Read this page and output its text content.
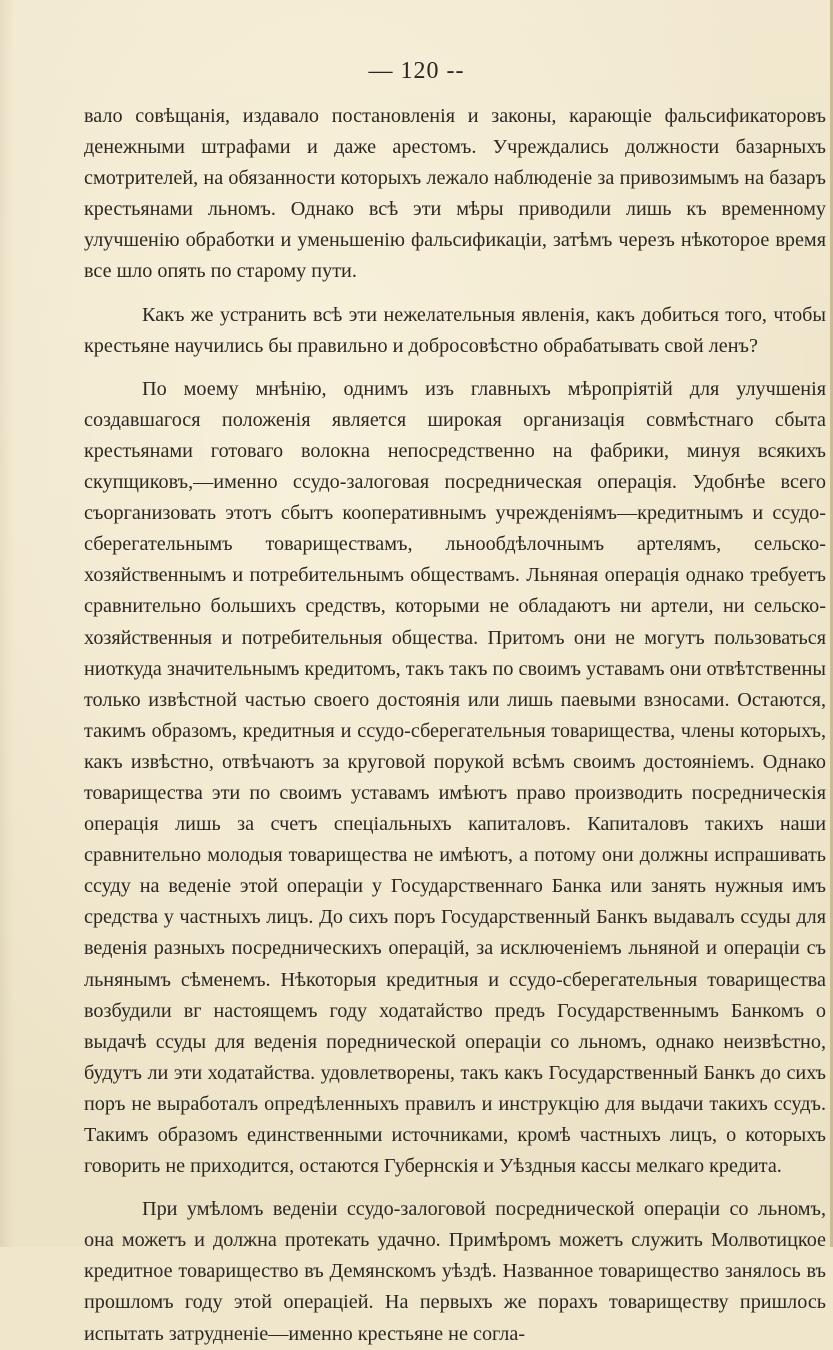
— 120 --

вало совѣщанія, издавало постановленія и законы, карающіе фальсификаторовъ денежными штрафами и даже арестомъ. Учреждались должности базарныхъ смотрителей, на обязанности которыхъ лежало наблюденіе за привозимымъ на базаръ крестьянами льномъ. Однако всѣ эти мѣры приводили лишь къ временному улучшенію обработки и уменьшенію фальсификаціи, затѣмъ черезъ нѣкоторое время все шло опять по старому пути.

Какъ же устранить всѣ эти нежелательныя явленія, какъ добиться того, чтобы крестьяне научились бы правильно и добросовѣстно обрабатывать свой ленъ?

По моему мнѣнію, однимъ изъ главныхъ мѣропріятій для улучшенія создавшагося положенія является широкая организація совмѣстнаго сбыта крестьянами готоваго волокна непосредственно на фабрики, минуя всякихъ скупщиковъ,—именно ссудо-залоговая посредническая операція. Удобнѣе всего съорганизовать этотъ сбытъ кооперативнымъ учрежденіямъ—кредитнымъ и ссудо-сберегательнымъ товариществамъ, льнообдѣлочнымъ артелямъ, сельско-хозяйственнымъ и потребительнымъ обществамъ. Льняная операція однако требуетъ сравнительно большихъ средствъ, которыми не обладаютъ ни артели, ни сельско-хозяйственныя и потребительныя общества. Притомъ они не могутъ пользоваться ниоткуда значительнымъ кредитомъ, такъ такъ по своимъ уставамъ они отвѣтственны только извѣстной частью своего достоянія или лишь паевыми взносами. Остаются, такимъ образомъ, кредитныя и ссудо-сберегательныя товарищества, члены которыхъ, какъ извѣстно, отвѣчаютъ за круговой порукой всѣмъ своимъ достояніемъ. Однако товарищества эти по своимъ уставамъ имѣютъ право производить посредническія операція лишь за счетъ спеціальныхъ капиталовъ. Капиталовъ такихъ наши сравнительно молодыя товарищества не имѣютъ, а потому они должны испрашивать ссуду на веденіе этой операціи у Государственнаго Банка или занять нужныя имъ средства у частныхъ лицъ. До сихъ поръ Государственный Банкъ выдавалъ ссуды для веденія разныхъ посредническихъ операцій, за исключеніемъ льняной и операціи съ льнянымъ сѣменемъ. Нѣкоторыя кредитныя и ссудо-сберегательныя товарищества возбудили вг настоящемъ году ходатайство предъ Государственнымъ Банкомъ о выдачѣ ссуды для веденія пореднической операціи со льномъ, однако неизвѣстно, будутъ ли эти ходатайства. удовлетворены, такъ какъ Государственный Банкъ до сихъ поръ не выработалъ опредѣленныхъ правилъ и инструкцію для выдачи такихъ ссудъ. Такимъ образомъ единственными источниками, кромѣ частныхъ лицъ, о которыхъ говорить не приходится, остаются Губернскія и Уѣздныя кассы мелкаго кредита.

При умѣломъ веденіи ссудо-залоговой посреднической операціи со льномъ, она можетъ и должна протекать удачно. Примѣромъ можетъ служить Молвотицкое кредитное товарищество въ Демянскомъ уѣздѣ. Названное товарищество занялось въ прошломъ году этой операціей. На первыхъ же порахъ товариществу пришлось испытать затрудненіе—именно крестьяне не согла-
